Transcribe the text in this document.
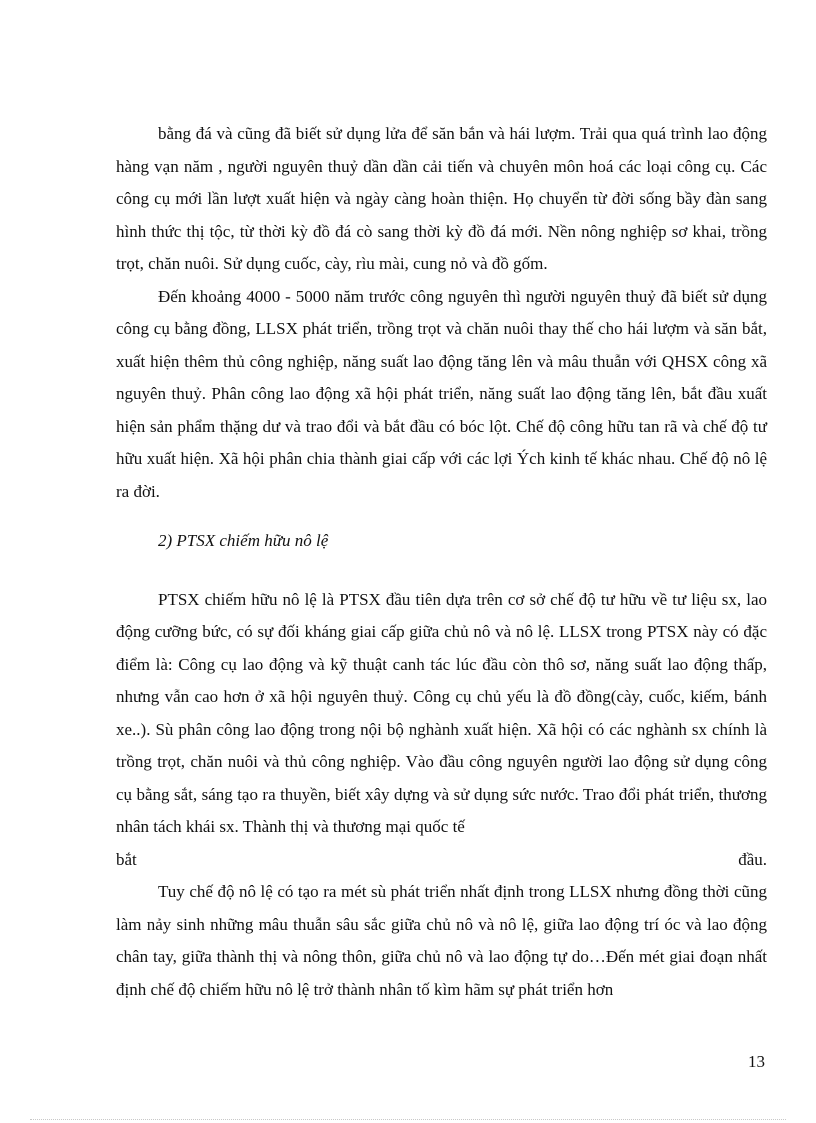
bằng đá và cũng đã biết sử dụng lửa để săn bắn và hái lượm. Trải qua quá trình lao động hàng vạn năm , người nguyên thuỷ dần dần cải tiến và chuyên môn hoá các loại công cụ. Các công cụ mới lần lượt xuất hiện và ngày càng hoàn thiện. Họ chuyển từ đời sống bầy đàn sang hình thức thị tộc, từ thời kỳ đồ đá cò sang thời kỳ đồ đá mới. Nền nông nghiệp sơ khai, trồng trọt, chăn nuôi. Sử dụng cuốc, cày, rìu mài, cung nỏ và đồ gốm.

Đến khoảng 4000 - 5000 năm trước công nguyên thì người nguyên thuỷ đã biết sử dụng công cụ bằng đồng, LLSX phát triển, trồng trọt và chăn nuôi thay thế cho hái lượm và săn bắt, xuất hiện thêm thủ công nghiệp, năng suất lao động tăng lên và mâu thuẫn với QHSX công xã nguyên thuỷ. Phân công lao động xã hội phát triển, năng suất lao động tăng lên, bắt đầu xuất hiện sản phẩm thặng dư và trao đổi và bắt đầu có bóc lột. Chế độ công hữu tan rã và chế độ tư hữu xuất hiện. Xã hội phân chia thành giai cấp với các lợi Ých kinh tế khác nhau. Chế độ nô lệ ra đời.

2) PTSX chiếm hữu nô lệ

PTSX chiếm hữu nô lệ là PTSX đầu tiên dựa trên cơ sở chế độ tư hữu về tư liệu sx, lao động cưỡng bức, có sự đối kháng giai cấp giữa chủ nô và nô lệ. LLSX trong PTSX này có đặc điểm là: Công cụ lao động và kỹ thuật canh tác lúc đầu còn thô sơ, năng suất lao động thấp, nhưng vẫn cao hơn ở xã hội nguyên thuỷ. Công cụ chủ yếu là đồ đồng(cày, cuốc, kiếm, bánh xe..). Sù phân công lao động trong nội bộ nghành xuất hiện. Xã hội có các nghành sx chính là trồng trọt, chăn nuôi và thủ công nghiệp. Vào đầu công nguyên người lao động sử dụng công cụ bằng sắt, sáng tạo ra thuyền, biết xây dựng và sử dụng sức nước. Trao đổi phát triển, thương nhân tách khái sx. Thành thị và thương mại quốc tế

bắt	đầu.

Tuy chế độ nô lệ có tạo ra mét sù phát triển nhất định trong LLSX nhưng đồng thời cũng làm nảy sinh những mâu thuẫn sâu sắc giữa chủ nô và nô lệ, giữa lao động trí óc và lao động chân tay, giữa thành thị và nông thôn, giữa chủ nô và lao động tự do…Đến mét giai đoạn nhất định chế độ chiếm hữu nô lệ trở thành nhân tố kìm hãm sự phát triển hơn

13
